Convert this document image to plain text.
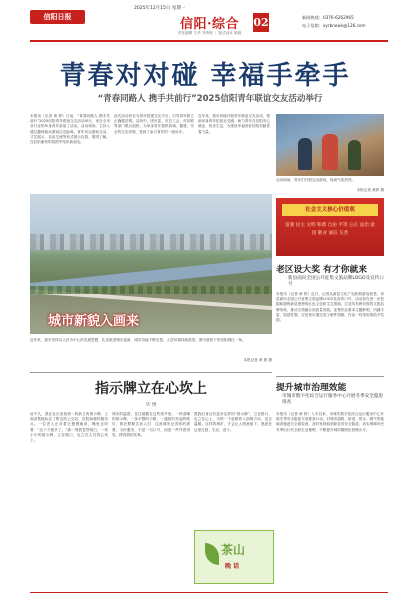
信阳日报
2025年12月15日 星期一
信阳·综合
责任编辑 王华 刘秀明 ｜ 版式设计 陈晨
02	新闻热线：0376-6262965
电子信箱：xyrbnews@126.com
青春对对碰 幸福手牵手
“青春同路人 携手共前行”2025信阳青年联谊交友活动举行
本报讯（记者 黄 婷）日前，“青春同路人 携手共前行”2025信阳青年联谊交友活动举行，来自全市各行业的单身青年参加了活动。活动现场，主持人通过趣味破冰游戏拉近距离，青年们以游戏互动、才艺展示、自由交流等形式展示自我、增进了解，在轻松愉快的氛围中结识新朋友。
此次活动旨在为青年搭建交友平台，引导青年树立正确婚恋观。活动中，团市委、市总工会、市妇联等部门联合组织，为单身青年提供真诚、健康、安全的交友环境，受到了参与青年的一致好评。
近年来，我市持续开展青年联谊交友活动，帮助单身青年拓宽社交圈，助力青年在信阳安心就业、快乐生活，为建设幸福美好信阳贡献青春力量。
活动现场，青年们开展互动游戏，现场气氛热烈。
本报记者 黄婷 摄
城市新貌入画来
近年来，我市坚持以人民为中心的发展思想，扎实推进城市更新，城市功能不断完善，人居环境持续改善。图为航拍下的信阳城区一角。
本报记者 黄 晨 摄
社会主义核心价值观
富强 民主 文明 和谐 自由 平等 公正 法治 爱国 敬业 诚信 友善
老区设大奖 有才你就来
新县面向全国公开征集文旅品牌LOGO及宣传口号
本报讯（记者 黄 婷）近日，记者从新县文化广电和旅游局获悉，该县面向全国公开征集文旅品牌LOGO及宣传口号，活动旨在进一步挖掘和提炼新县独特的红色文化和生态资源，打造具有辨识度的文旅品牌形象，推动文旅融合高质量发展。征集作品要求主题鲜明、内涵丰富、原创性强，应征者可通过电子邮件投稿，作品一经采用将给予奖励。
提升城市治理效能
市城市数字化综合运行服务中心开展冬季安全隐患排查
本报讯（记者 黄 婷）入冬以来，市城市数字化综合运行服务中心开展冬季安全隐患专项排查行动，对城市道路、桥梁、供水、燃气等基础设施进行全面检查，及时发现和消除各类安全隐患，切实保障市民冬季出行安全和生活便利，不断提升城市精细化管理水平。
指示牌立在心坎上
华 博
前不久，我在社区里看到一块新立的指示牌，上面清楚地标注了附近的公交站、医院和便民服务点。一位老人正对着它慢慢地读，嘴里念叨着：“这下方便多了。”那一刻我忽然明白，一块小小的指示牌，立在路口，也立在人们的心坎上。
城市的温度，往往就藏在这些细节里。一块清晰的指示牌，一条平整的小路，一盏按时亮起的路灯，都在默默告诉人们：这座城市记得你的需要。为民服务，不是一句口号，而是一件件看得见、摸得着的实事。
愿我们身边有更多这样的“指示牌”，立在路口，也立在心上，为每一个赶路的人指明方向，送去温暖。这样的城市，才会让人愿意留下，愿意在这里扎根、生活、奋斗。
茶山
晚 话
